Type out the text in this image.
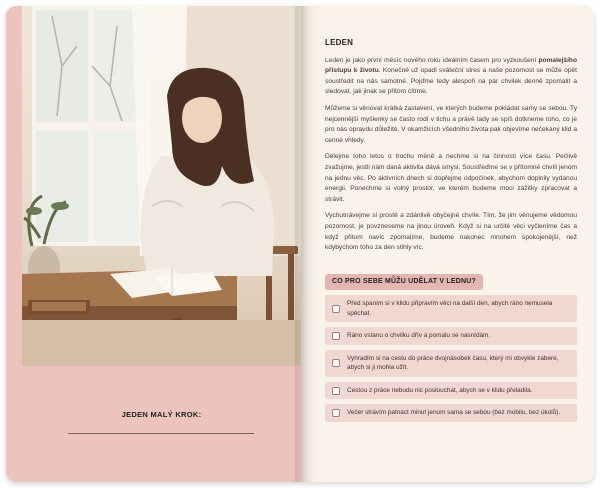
JEDEN MALÝ KROK:
LEDEN

Leden je jako první měsíc nového roku ideálním časem pro vyzkoušení pomalejšího přístupu k životu. Konečně už opadl sváteční stres a naše pozornost se může opět soustředit na nás samotné. Pojďme tedy alespoň na pár chvilek denně zpomalit a sledovat, jak jinak se přitom cítíme.

Můžeme si věnovat krátká zastavení, ve kterých budeme pokládat samy se sebou. Ty nejcennější myšlenky se často rodí v tichu a právě tady se spíš dotkneme toho, co je pro nás opravdu důležité. V okamžicích všedního života pak objevíme nečekaný klid a cenné vhledy.

Dělejme toho letos o trochu méně a nechme si na činnosti více času. Pečlivě zvažujme, jestli nám daná aktivita dává smysl. Soustřeďme se v přítomné chvíli jenom na jednu věc. Po aktivních dnech si dopřejme odpočinek, abychom doplnily vydanou energii. Ponechme si volný prostor, ve kterém budeme moci zážitky zpracovat a strávit.

Vychutnávejme si prostě a zdánlivě obyčejné chvíle. Tím, že jim věnujeme vědomou pozornost, je povzneseme na jinou úroveň. Když si na určité věci vyčleníme čas a když přitom navíc zpomalíme, budeme nakonec mnohem spokojenější, než kdybychom toho za den stihly víc.

CO PRO SEBE MŮŽU UDĚLAT V LEDNU?
Před spaním si v klidu připravím věci na další den, abych ráno nemusela spěchat.
Ráno vstanu o chvilku dřív a pomalu se nasnídám.
Vyhradím si na cestu do práce dvojnásobek času, který mi obvykle zabere, abych si ji mohla užít.
Cestou z práce nebudu nic poslouchat, abych se v klidu přeladila.
Večer strávím patnáct minut jenom sama se sebou (bez mobilu, bez úkolů).
